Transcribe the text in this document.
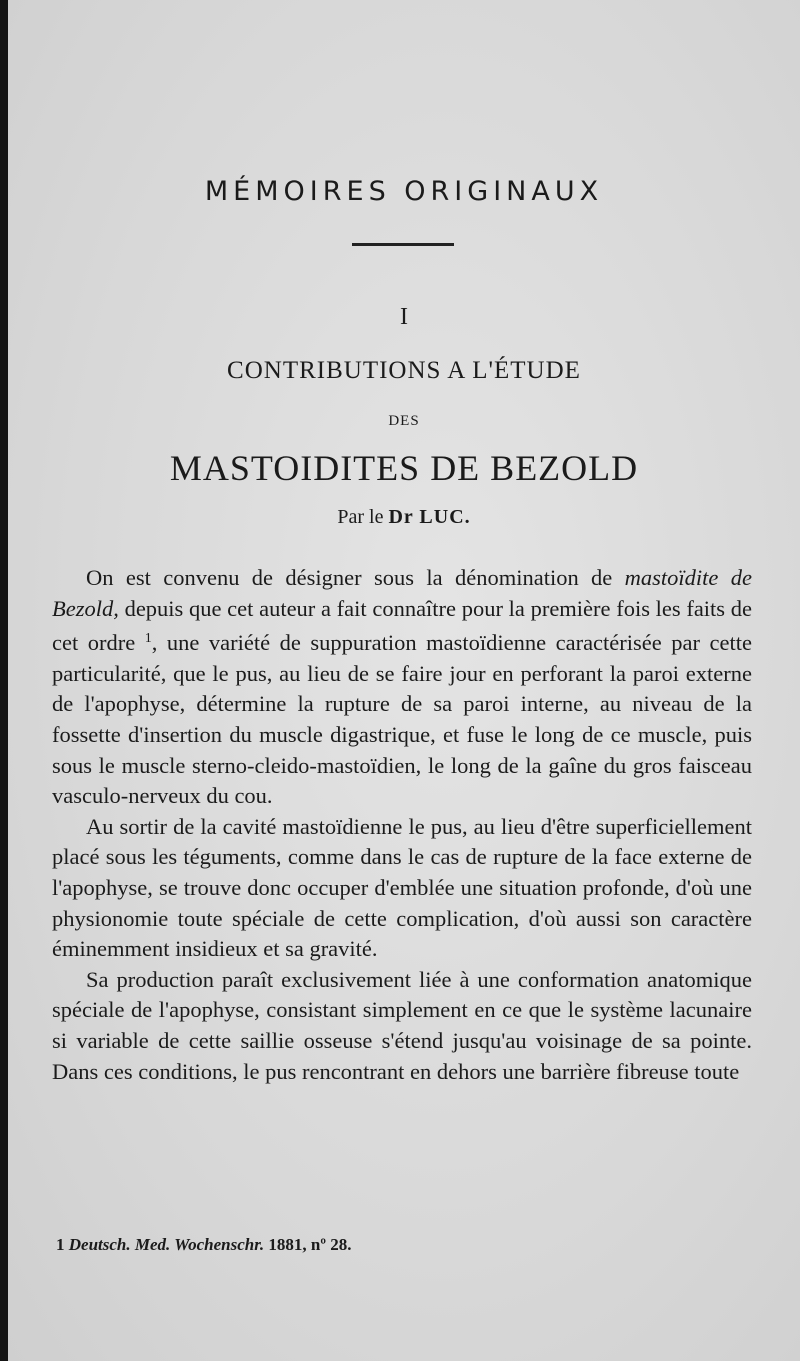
MÉMOIRES ORIGINAUX
I
CONTRIBUTIONS A L'ÉTUDE
DES
MASTOIDITES DE BEZOLD
Par le Dr LUC.

On est convenu de désigner sous la dénomination de mastoïdite de Bezold, depuis que cet auteur a fait connaître pour la première fois les faits de cet ordre $^1$, une variété de suppuration mastoïdienne caractérisée par cette particularité, que le pus, au lieu de se faire jour en perforant la paroi externe de l'apophyse, détermine la rupture de sa paroi interne, au niveau de la fossette d'insertion du muscle digastrique, et fuse le long de ce muscle, puis sous le muscle sterno-cleido-mastoïdien, le long de la gaîne du gros faisceau vasculo-nerveux du cou.

Au sortir de la cavité mastoïdienne le pus, au lieu d'être superficiellement placé sous les téguments, comme dans le cas de rupture de la face externe de l'apophyse, se trouve donc occuper d'emblée une situation profonde, d'où une physionomie toute spéciale de cette complication, d'où aussi son caractère éminemment insidieux et sa gravité.

Sa production paraît exclusivement liée à une conformation anatomique spéciale de l'apophyse, consistant simplement en ce que le système lacunaire si variable de cette saillie osseuse s'étend jusqu'au voisinage de sa pointe. Dans ces conditions, le pus rencontrant en dehors une barrière fibreuse toute

1 Deutsch. Med. Wochenschr. 1881, nº 28.
